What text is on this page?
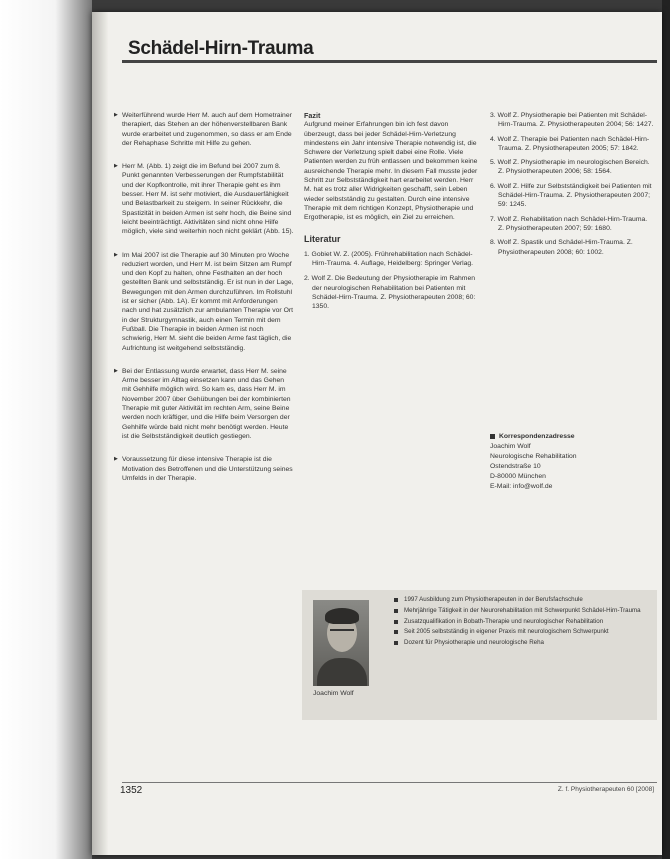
Schädel-Hirn-Trauma
▶ Weiterführend wurde Herr M. auch auf dem Hometrainer therapiert, das Stehen an der höhenverstellbaren Bank wurde erarbeitet und zugenommen, so dass er am Ende der Rehaphase Schritte mit Hilfe zu gehen.
▶ Herr M. (Abb. 1) zeigt die im Befund bei 2007 zum 8. Punkt genannten Verbesserungen der Rumpfstabilität und der Kopfkontrolle, mit ihrer Therapie geht es ihm besser. Herr M. ist sehr motiviert, die Ausdauerfähigkeit und Belastbarkeit zu steigern. In seiner Rückkehr, die Spastizität in beiden Armen ist sehr hoch, die Beine sind leicht beeinträchtigt. Aktivitäten sind nicht ohne Hilfe möglich, viele sind weiterhin noch nicht geklärt (Abb. 15).
▶ Im Mai 2007 ist die Therapie auf 30 Minuten pro Woche reduziert worden, und Herr M. ist beim Sitzen am Rumpf und den Kopf zu halten, ohne Festhalten an der hoch gestellten Bank und selbstständig. Er ist nun in der Lage, Bewegungen mit den Armen durchzuführen. Im Rollstuhl ist er sicher (Abb. 1A). Er kommt mit Anforderungen nach und hat zusätzlich zur ambulanten Therapie vor Ort in der Strukturgymnastik, auch einen Termin mit dem Fußball. Die Therapie in beiden Armen ist noch schwierig, Herr M. sieht die beiden Arme fast täglich, die Aufrichtung ist weitgehend selbstständig.
▶ Bei der Entlassung wurde erwartet, dass Herr M. seine Arme besser im Alltag einsetzen kann und das Gehen mit Gehhilfe möglich wird. So kam es, dass Herr M. im November 2007 über Gehübungen bei der kombinierten Therapie mit guter Aktivität im rechten Arm, seine Beine werden noch kräftiger, und die Hilfe beim Versorgen der Gehhilfe würde bald nicht mehr benötigt werden. Heute ist die Selbstständigkeit deutlich gestiegen.
▶ Voraussetzung für diese intensive Therapie ist die Motivation des Betroffenen und die Unterstützung seines Umfelds in der Therapie.
Fazit
Aufgrund meiner Erfahrungen bin ich fest davon überzeugt, dass bei jeder Schädel-Hirn-Verletzung mindestens ein Jahr intensive Therapie notwendig ist, die Schwere der Verletzung spielt dabei eine Rolle. Viele Patienten werden zu früh entlassen und bekommen keine ausreichende Therapie mehr. In diesem Fall musste jeder Schritt zur Selbstständigkeit hart erarbeitet werden. Herr M. hat es trotz aller Widrigkeiten geschafft, sein Leben wieder selbstständig zu gestalten. Durch eine intensive Therapie mit dem richtigen Konzept, Physiotherapie und Ergotherapie, ist es möglich, ein Ziel zu erreichen.
Literatur
1. Gobiet W. Z. (2005). Frührehabilitation nach Schädel-Hirn-Trauma. 4. Auflage, Heidelberg: Springer Verlag.
2. Wolf Z. Die Bedeutung der Physiotherapie im Rahmen der neurologischen Rehabilitation bei Patienten mit Schädel-Hirn-Trauma. Z. Physiotherapeuten 2008; 60: 1350.
3. Wolf Z. Physiotherapie bei Patienten mit Schädel-Hirn-Trauma. Z. Physiotherapeuten 2004; 56: 1427.
4. Wolf Z. Therapie bei Patienten nach Schädel-Hirn-Trauma. Z. Physiotherapeuten 2005; 57: 1842.
5. Wolf Z. Physiotherapie im neurologischen Bereich. Z. Physiotherapeuten 2006; 58: 1564.
6. Wolf Z. Hilfe zur Selbstständigkeit bei Patienten mit Schädel-Hirn-Trauma. Z. Physiotherapeuten 2007; 59: 1245.
7. Wolf Z. Rehabilitation nach Schädel-Hirn-Trauma. Z. Physiotherapeuten 2007; 59: 1680.
8. Wolf Z. Spastik und Schädel-Hirn-Trauma. Z. Physiotherapeuten 2008; 60: 1002.
Korrespondenzadresse
Joachim Wolf
Neurologische Rehabilitation
Ostendstraße 10
D-80000 München
E-Mail: info@wolf.de
Joachim Wolf
1997 Ausbildung zum Physiotherapeuten in der Berufsfachschule
Mehrjährige Tätigkeit in der Neurorehabilitation mit Schwerpunkt Schädel-Hirn-Trauma
Zusatzqualifikation in Bobath-Therapie und neurologischer Rehabilitation
Seit 2005 selbstständig in eigener Praxis mit neurologischem Schwerpunkt
Dozent für Physiotherapie und neurologische Reha
1352	Z. f. Physiotherapeuten 60 [2008]
